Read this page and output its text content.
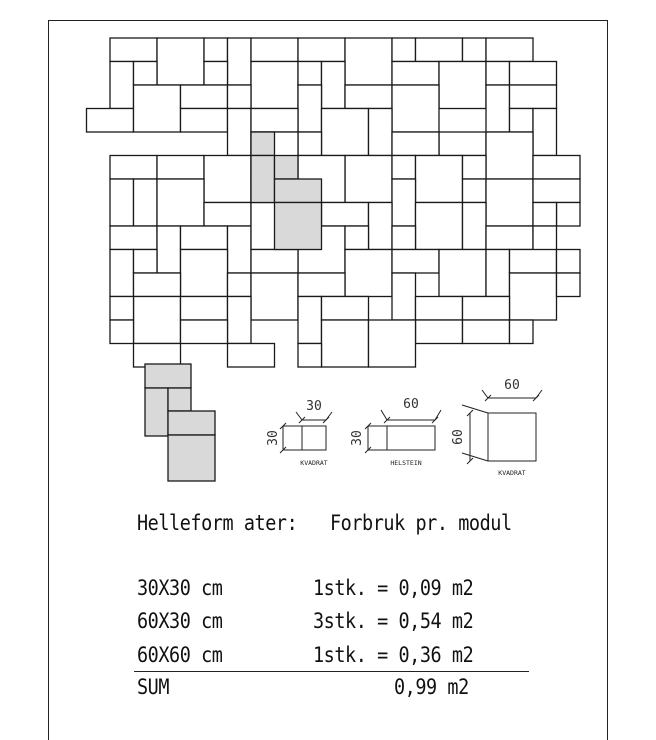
30
30
KVADRAT
60
30
HELSTEIN
60
60
KVADRAT
Helleform ater: Forbruk pr. modul
30X30 cm	1stk. = 0,09 m2
60X30 cm	3stk. = 0,54 m2
60X60 cm	1stk. = 0,36 m2
SUM	0,99 m2
